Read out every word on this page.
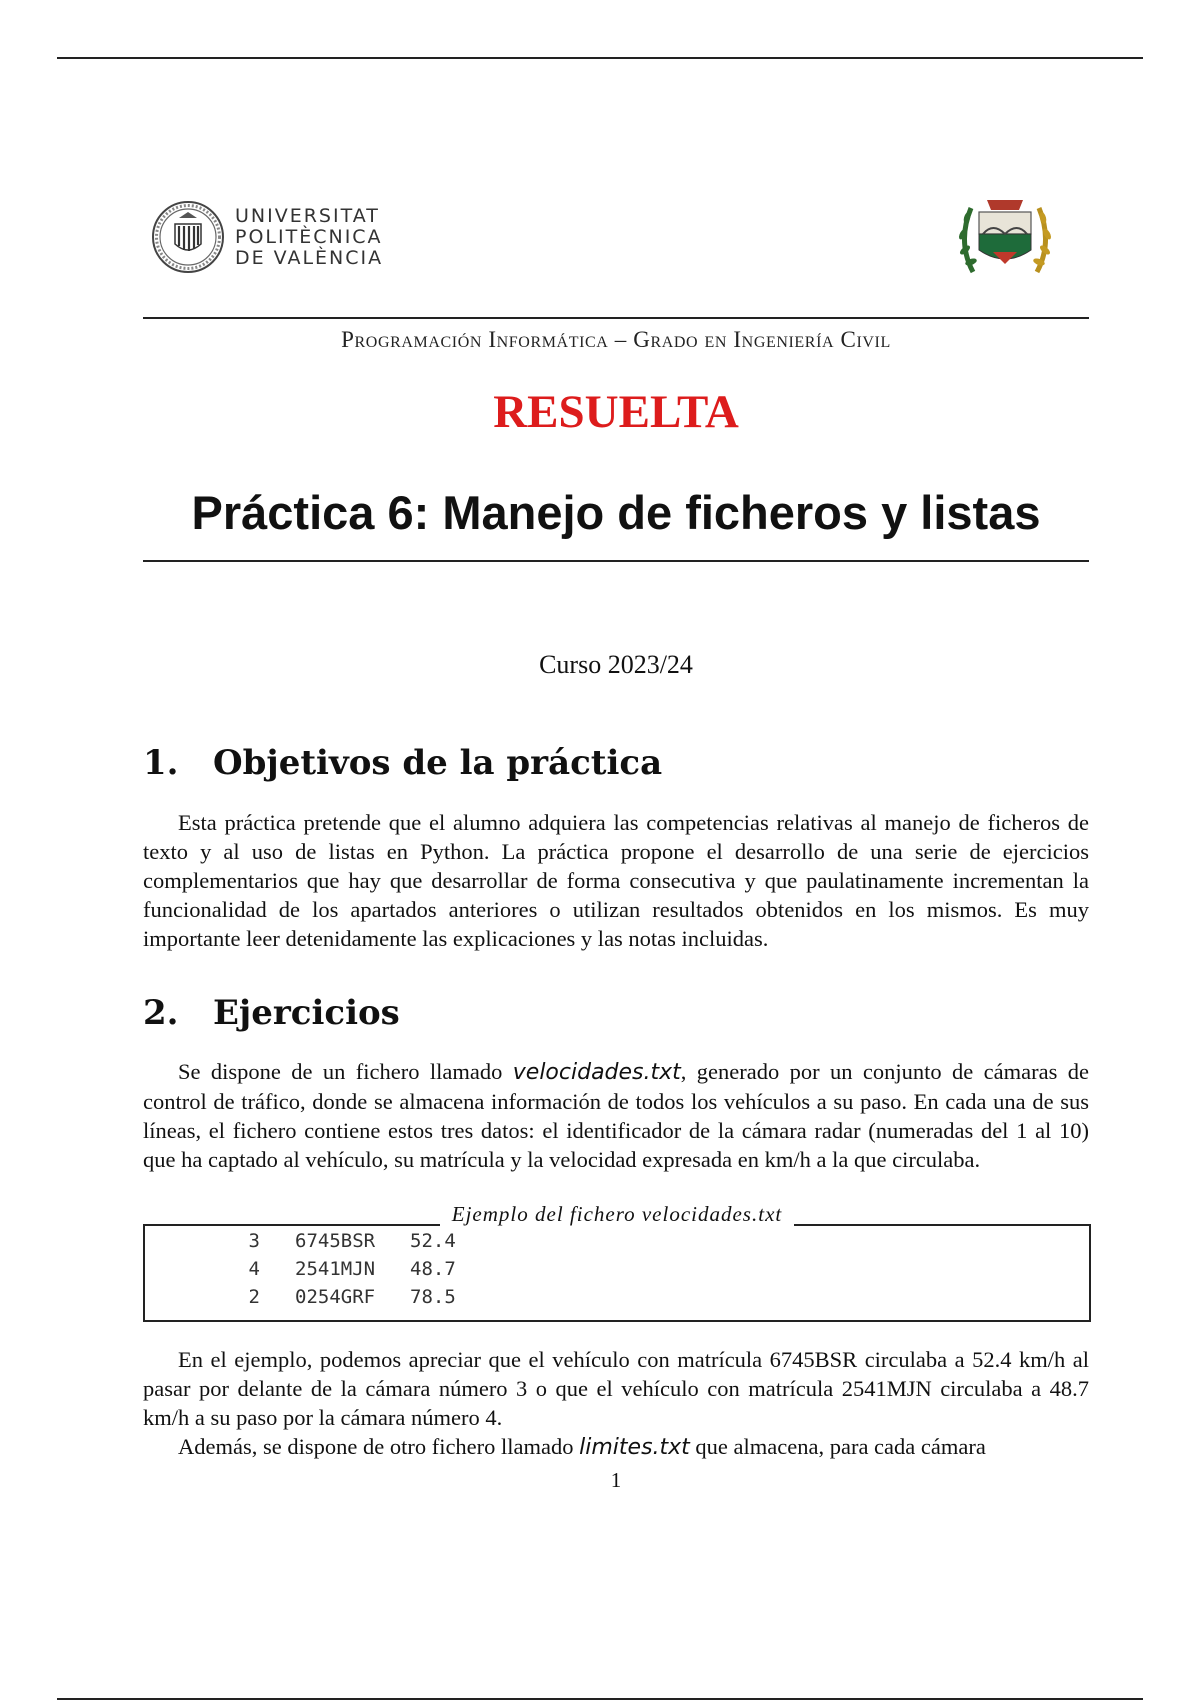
UNIVERSITAT
POLITÈCNICA
DE VALÈNCIA
Programación Informática – Grado en Ingeniería Civil
RESUELTA
Práctica 6: Manejo de ficheros y listas
Curso 2023/24
1.	Objetivos de la práctica

Esta práctica pretende que el alumno adquiera las competencias relativas al manejo de ficheros de texto y al uso de listas en Python. La práctica propone el desarrollo de una serie de ejercicios complementarios que hay que desarrollar de forma consecutiva y que paulatinamente incrementan la funcionalidad de los apartados anteriores o utilizan resultados obtenidos en los mismos. Es muy importante leer detenidamente las explicaciones y las notas incluidas.

2.	Ejercicios

Se dispone de un fichero llamado velocidades.txt, generado por un conjunto de cámaras de control de tráfico, donde se almacena información de todos los vehículos a su paso. En cada una de sus líneas, el fichero contiene estos tres datos: el identificador de la cámara radar (numeradas del 1 al 10) que ha captado al vehículo, su matrícula y la velocidad expresada en km/h a la que circulaba.

Ejemplo del fichero velocidades.txt
3 6745BSR	52.4
4 2541MJN	48.7
2 0254GRF	78.5

En el ejemplo, podemos apreciar que el vehículo con matrícula 6745BSR circulaba a 52.4 km/h al pasar por delante de la cámara número 3 o que el vehículo con matrícula 2541MJN circulaba a 48.7 km/h a su paso por la cámara número 4.

Además, se dispone de otro fichero llamado limites.txt que almacena, para cada cámara

1
